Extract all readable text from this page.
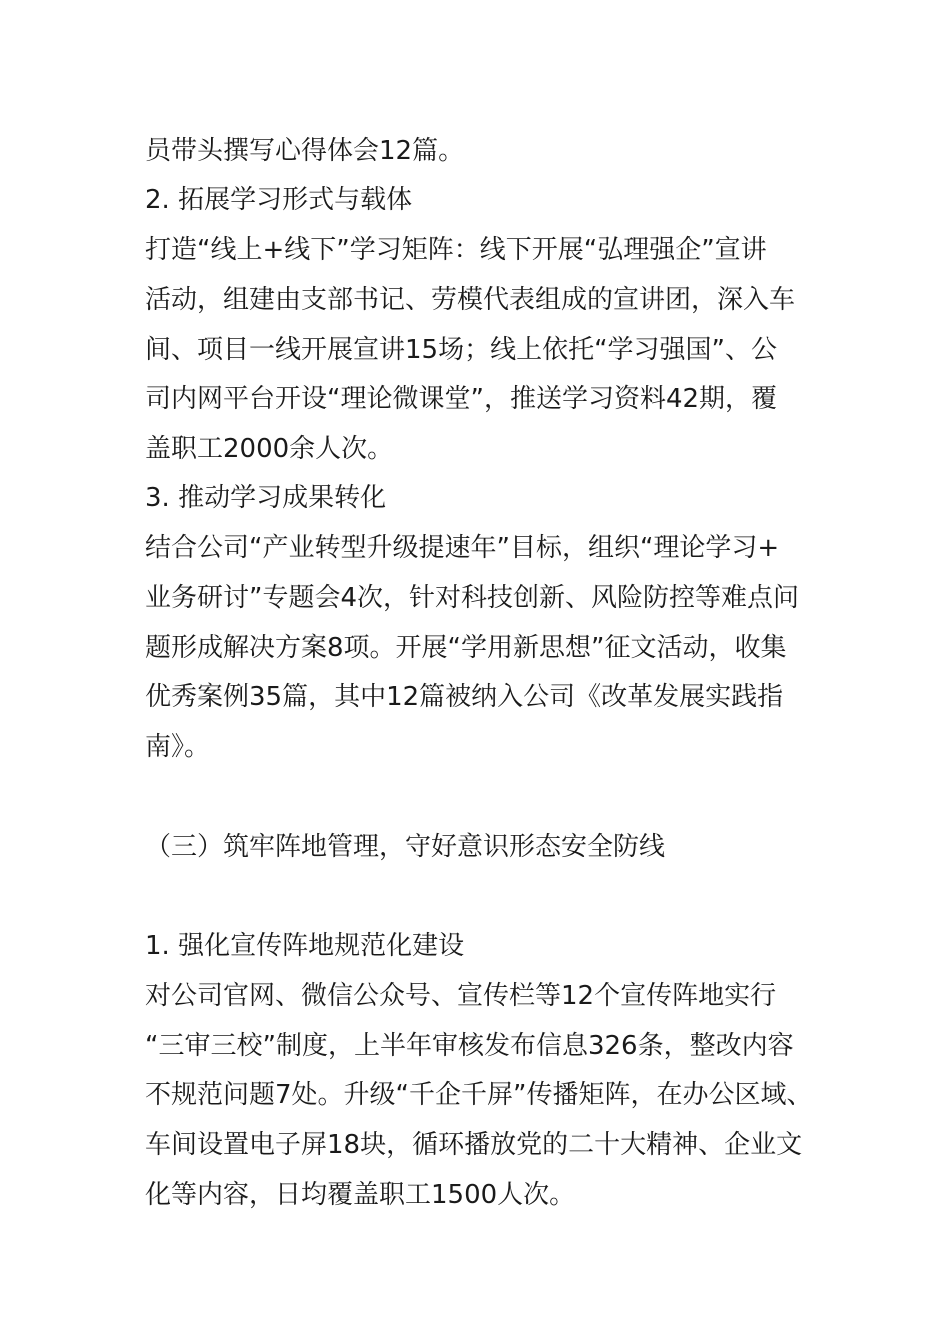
员带头撰写心得体会12篇。

2. 拓展学习形式与载体

打造“线上+线下”学习矩阵：线下开展“弘理强企”宣讲

活动，组建由支部书记、劳模代表组成的宣讲团，深入车

间、项目一线开展宣讲15场；线上依托“学习强国”、公

司内网平台开设“理论微课堂”，推送学习资料42期，覆

盖职工2000余人次。

3. 推动学习成果转化

结合公司“产业转型升级提速年”目标，组织“理论学习+

业务研讨”专题会4次，针对科技创新、风险防控等难点问

题形成解决方案8项。开展“学用新思想”征文活动，收集

优秀案例35篇，其中12篇被纳入公司《改革发展实践指

南》。

（三）筑牢阵地管理，守好意识形态安全防线

1. 强化宣传阵地规范化建设

对公司官网、微信公众号、宣传栏等12个宣传阵地实行

“三审三校”制度，上半年审核发布信息326条，整改内容

不规范问题7处。升级“千企千屏”传播矩阵，在办公区域、

车间设置电子屏18块，循环播放党的二十大精神、企业文

化等内容，日均覆盖职工1500人次。
